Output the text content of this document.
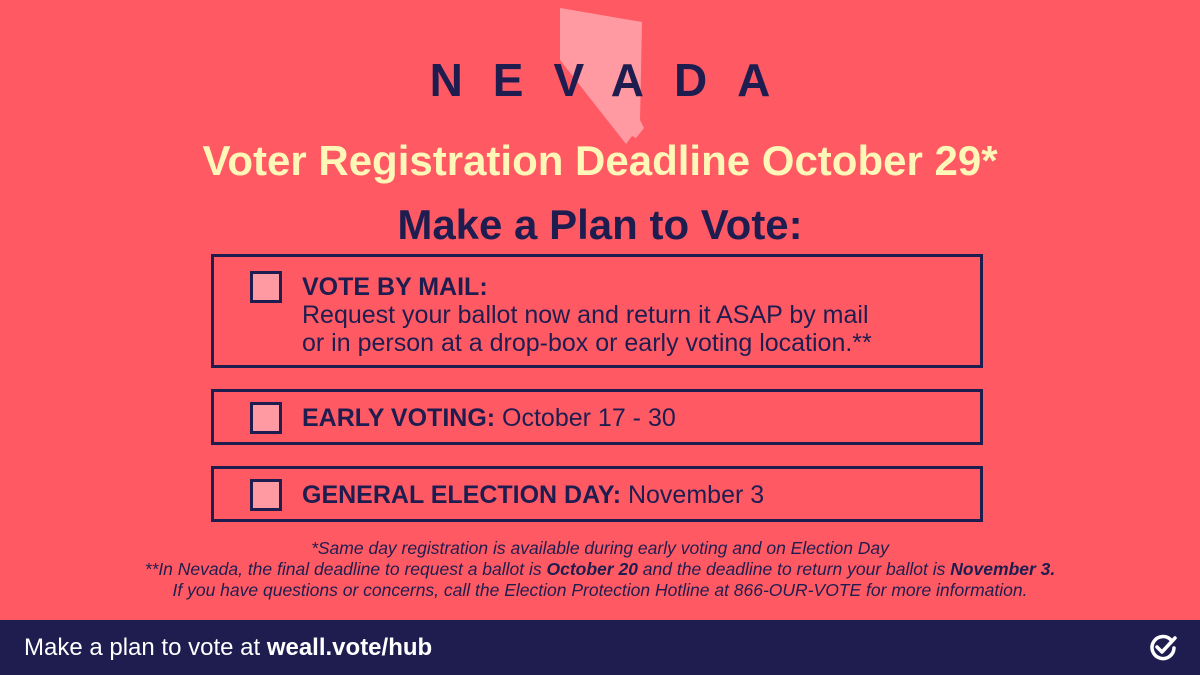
NEVADA
Voter Registration Deadline October 29*
Make a Plan to Vote:
VOTE BY MAIL:
Request your ballot now and return it ASAP by mail
or in person at a drop-box or early voting location.**
EARLY VOTING: October 17 - 30
GENERAL ELECTION DAY: November 3
*Same day registration is available during early voting and on Election Day
**In Nevada, the final deadline to request a ballot is October 20 and the deadline to return your ballot is November 3.
If you have questions or concerns, call the Election Protection Hotline at 866-OUR-VOTE for more information.
Make a plan to vote at weall.vote/hub
